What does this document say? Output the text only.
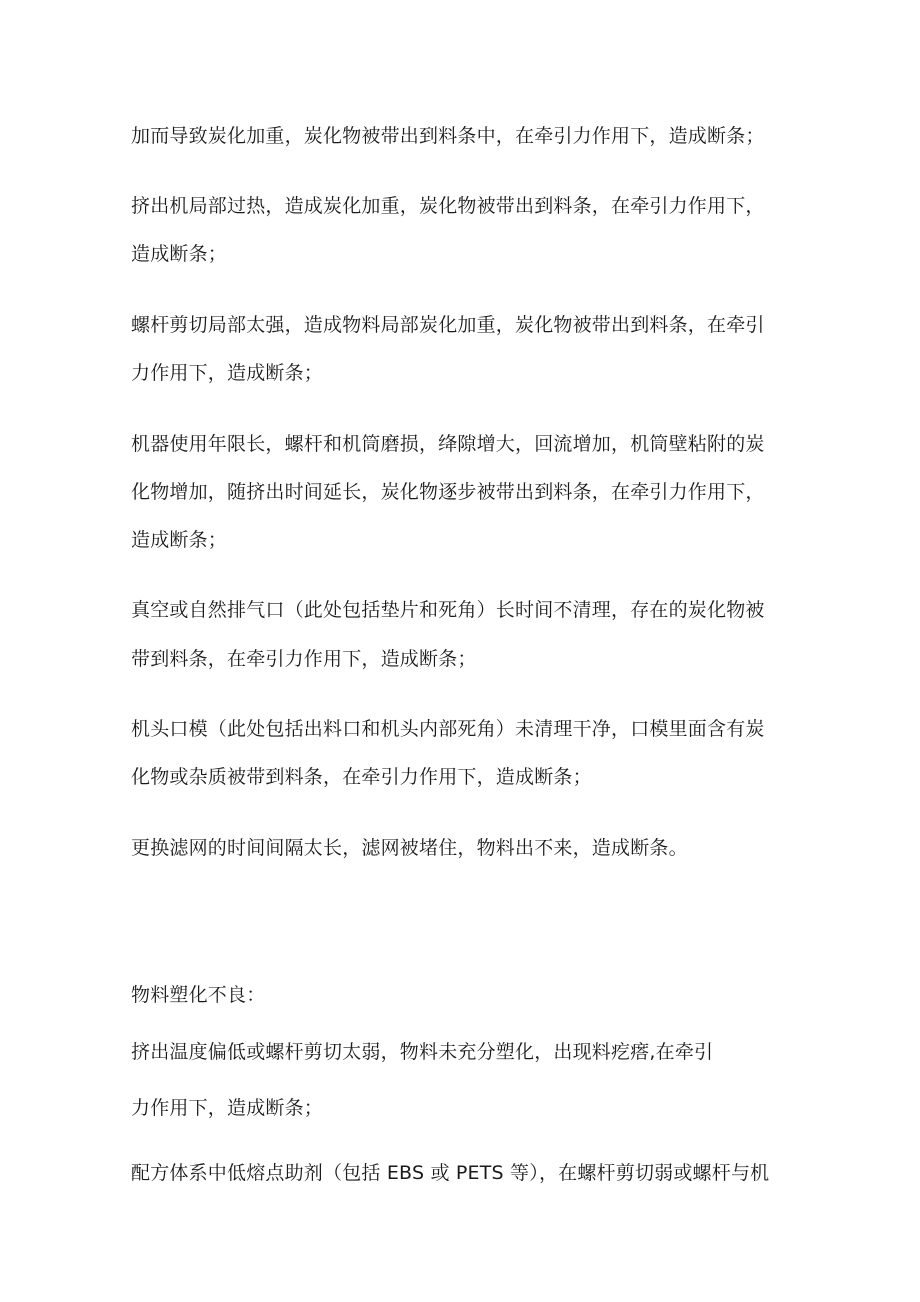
加而导致炭化加重，炭化物被带出到料条中，在牵引力作用下，造成断条；
挤出机局部过热，造成炭化加重，炭化物被带出到料条，在牵引力作用下，
造成断条；
螺杆剪切局部太强，造成物料局部炭化加重，炭化物被带出到料条，在牵引
力作用下，造成断条；
机器使用年限长，螺杆和机筒磨损，绛隙增大，回流增加，机筒壁粘附的炭
化物增加，随挤出时间延长，炭化物逐步被带出到料条，在牵引力作用下，
造成断条；
真空或自然排气口（此处包括垫片和死角）长时间不清理，存在的炭化物被
带到料条，在牵引力作用下，造成断条；
机头口模（此处包括出料口和机头内部死角）未清理干净，口模里面含有炭
化物或杂质被带到料条，在牵引力作用下，造成断条；
更换滤网的时间间隔太长，滤网被堵住，物料出不来，造成断条。
物料塑化不良：
挤出温度偏低或螺杆剪切太弱，物料未充分塑化，出现料疙瘩,在牵引
力作用下，造成断条；
配方体系中低熔点助剂（包括 EBS 或 PETS 等），在螺杆剪切弱或螺杆与机
